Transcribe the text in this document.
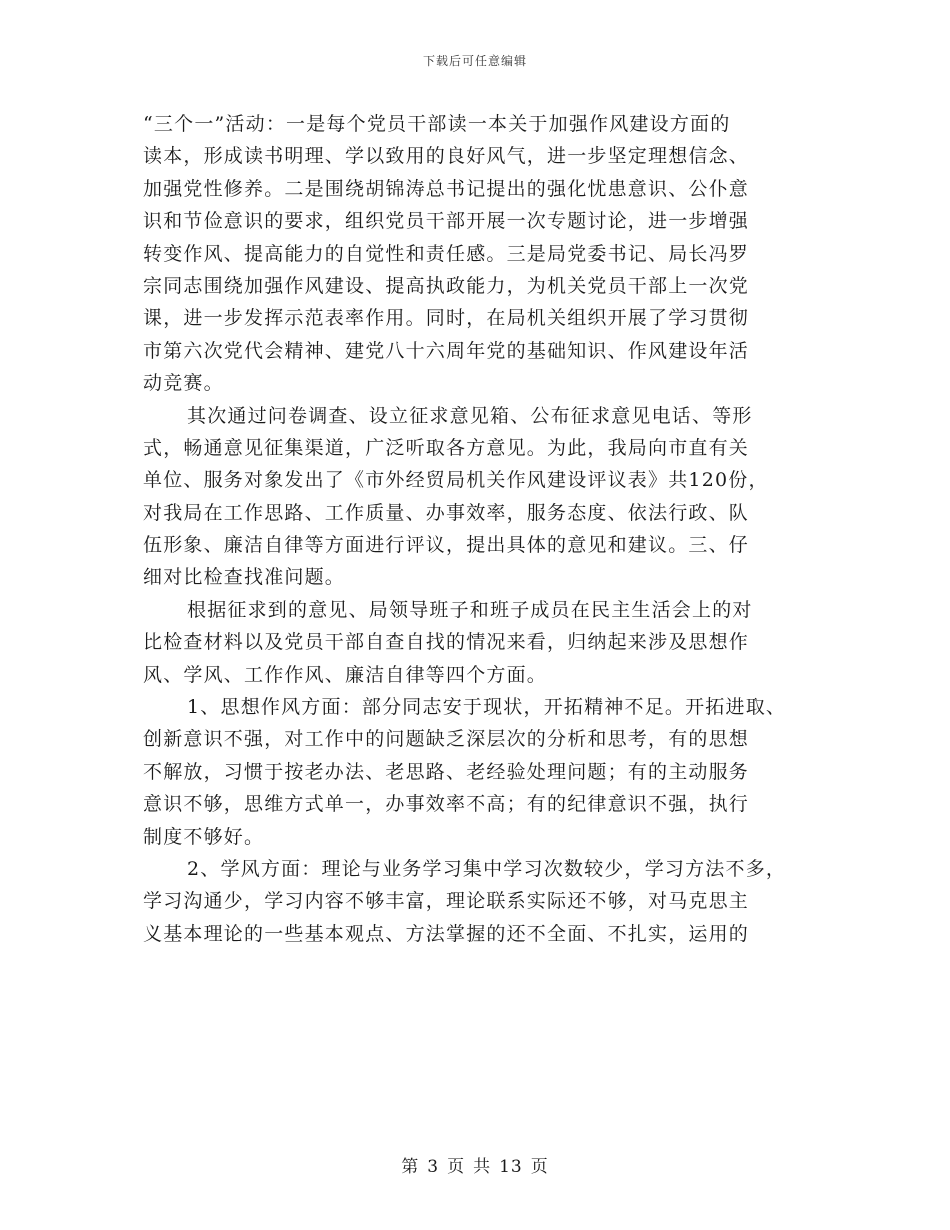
下载后可任意编辑
“三个一”活动：一是每个党员干部读一本关于加强作风建设方面的
读本，形成读书明理、学以致用的良好风气，进一步坚定理想信念、
加强党性修养。二是围绕胡锦涛总书记提出的强化忧患意识、公仆意
识和节俭意识的要求，组织党员干部开展一次专题讨论，进一步增强
转变作风、提高能力的自觉性和责任感。三是局党委书记、局长冯罗
宗同志围绕加强作风建设、提高执政能力，为机关党员干部上一次党
课，进一步发挥示范表率作用。同时，在局机关组织开展了学习贯彻
市第六次党代会精神、建党八十六周年党的基础知识、作风建设年活
动竞赛。
其次通过问卷调查、设立征求意见箱、公布征求意见电话、等形
式，畅通意见征集渠道，广泛听取各方意见。为此，我局向市直有关
单位、服务对象发出了《市外经贸局机关作风建设评议表》共120份，
对我局在工作思路、工作质量、办事效率，服务态度、依法行政、队
伍形象、廉洁自律等方面进行评议，提出具体的意见和建议。三、仔
细对比检查找准问题。
根据征求到的意见、局领导班子和班子成员在民主生活会上的对
比检查材料以及党员干部自查自找的情况来看，归纳起来涉及思想作
风、学风、工作作风、廉洁自律等四个方面。
1、思想作风方面：部分同志安于现状，开拓精神不足。开拓进取、
创新意识不强，对工作中的问题缺乏深层次的分析和思考，有的思想
不解放，习惯于按老办法、老思路、老经验处理问题；有的主动服务
意识不够，思维方式单一，办事效率不高；有的纪律意识不强，执行
制度不够好。
2、学风方面：理论与业务学习集中学习次数较少，学习方法不多，
学习沟通少，学习内容不够丰富，理论联系实际还不够，对马克思主
义基本理论的一些基本观点、方法掌握的还不全面、不扎实，运用的
第 3 页 共 13 页
